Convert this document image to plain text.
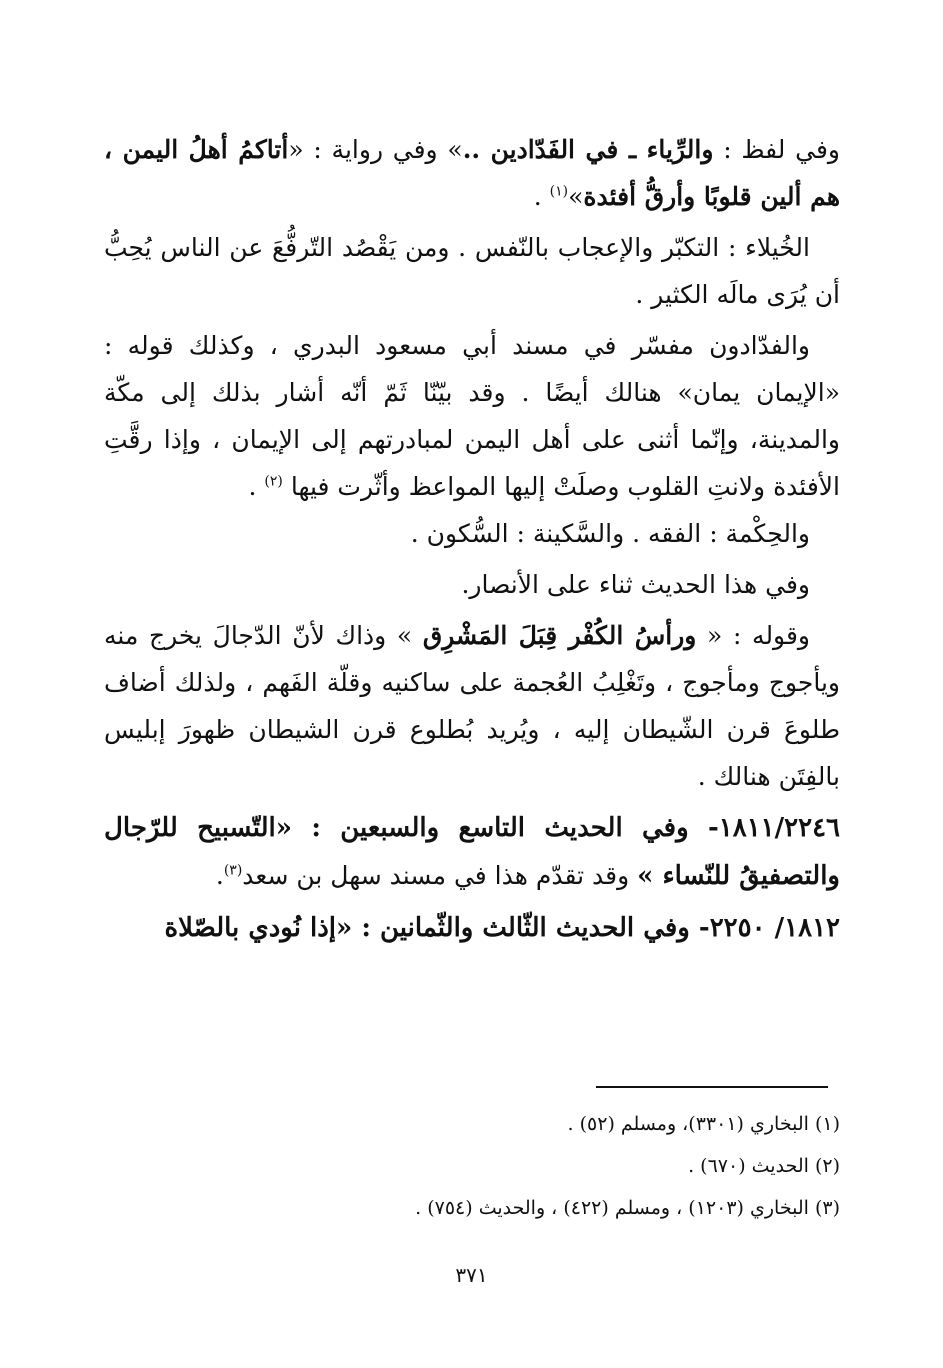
وفي لفظ : والرِّياء ـ في الفَدّادين ..» وفي رواية : «أتاكمُ أهلُ اليمن ، هم ألين قلوبًا وأرقُّ أفئدة»$^{(١)}$ .

الخُيلاء : التكبّر والإعجاب بالنّفس . ومن يَقْصُد التّرفُّعَ عن الناس يُحِبُّ أن يُرَى مالَه الكثير .

والفدّادون مفسّر في مسند أبي مسعود البدري ، وكذلك قوله : «الإيمان يمان» هنالك أيضًا . وقد بيّنّا ثَمّ أنّه أشار بذلك إلى مكّة والمدينة، وإنّما أثنى على أهل اليمن لمبادرتهم إلى الإيمان ، وإذا رقَّتِ الأفئدة ولانتِ القلوب وصلَتْ إليها المواعظ وأثّرت فيها $^{(٢)}$ .

والحِكْمة : الفقه . والسَّكينة : السُّكون .

وفي هذا الحديث ثناء على الأنصار.

وقوله : « ورأسُ الكُفْر قِبَلَ المَشْرِق » وذاك لأنّ الدّجالَ يخرج منه ويأجوج ومأجوج ، وتَغْلِبُ العُجمة على ساكنيه وقلّة الفَهم ، ولذلك أضاف طلوعَ قرن الشّيطان إليه ، ويُريد بُطلوع قرن الشيطان ظهورَ إبليس بالفِتَن هنالك .

١٨١١/٢٢٤٦- وفي الحديث التاسع والسبعين : «التّسبيح للرّجال والتصفيقُ للنّساء » وقد تقدّم هذا في مسند سهل بن سعد$^{(٣)}$.

١٨١٢/ ٢٢٥٠- وفي الحديث الثّالث والثّمانين : «إذا نُودي بالصّلاة

(١) البخاري (٣٣٠١)، ومسلم (٥٢) .

(٢) الحديث (٦٧٠) .

(٣) البخاري (١٢٠٣) ، ومسلم (٤٢٢) ، والحديث (٧٥٤) .

٣٧١
